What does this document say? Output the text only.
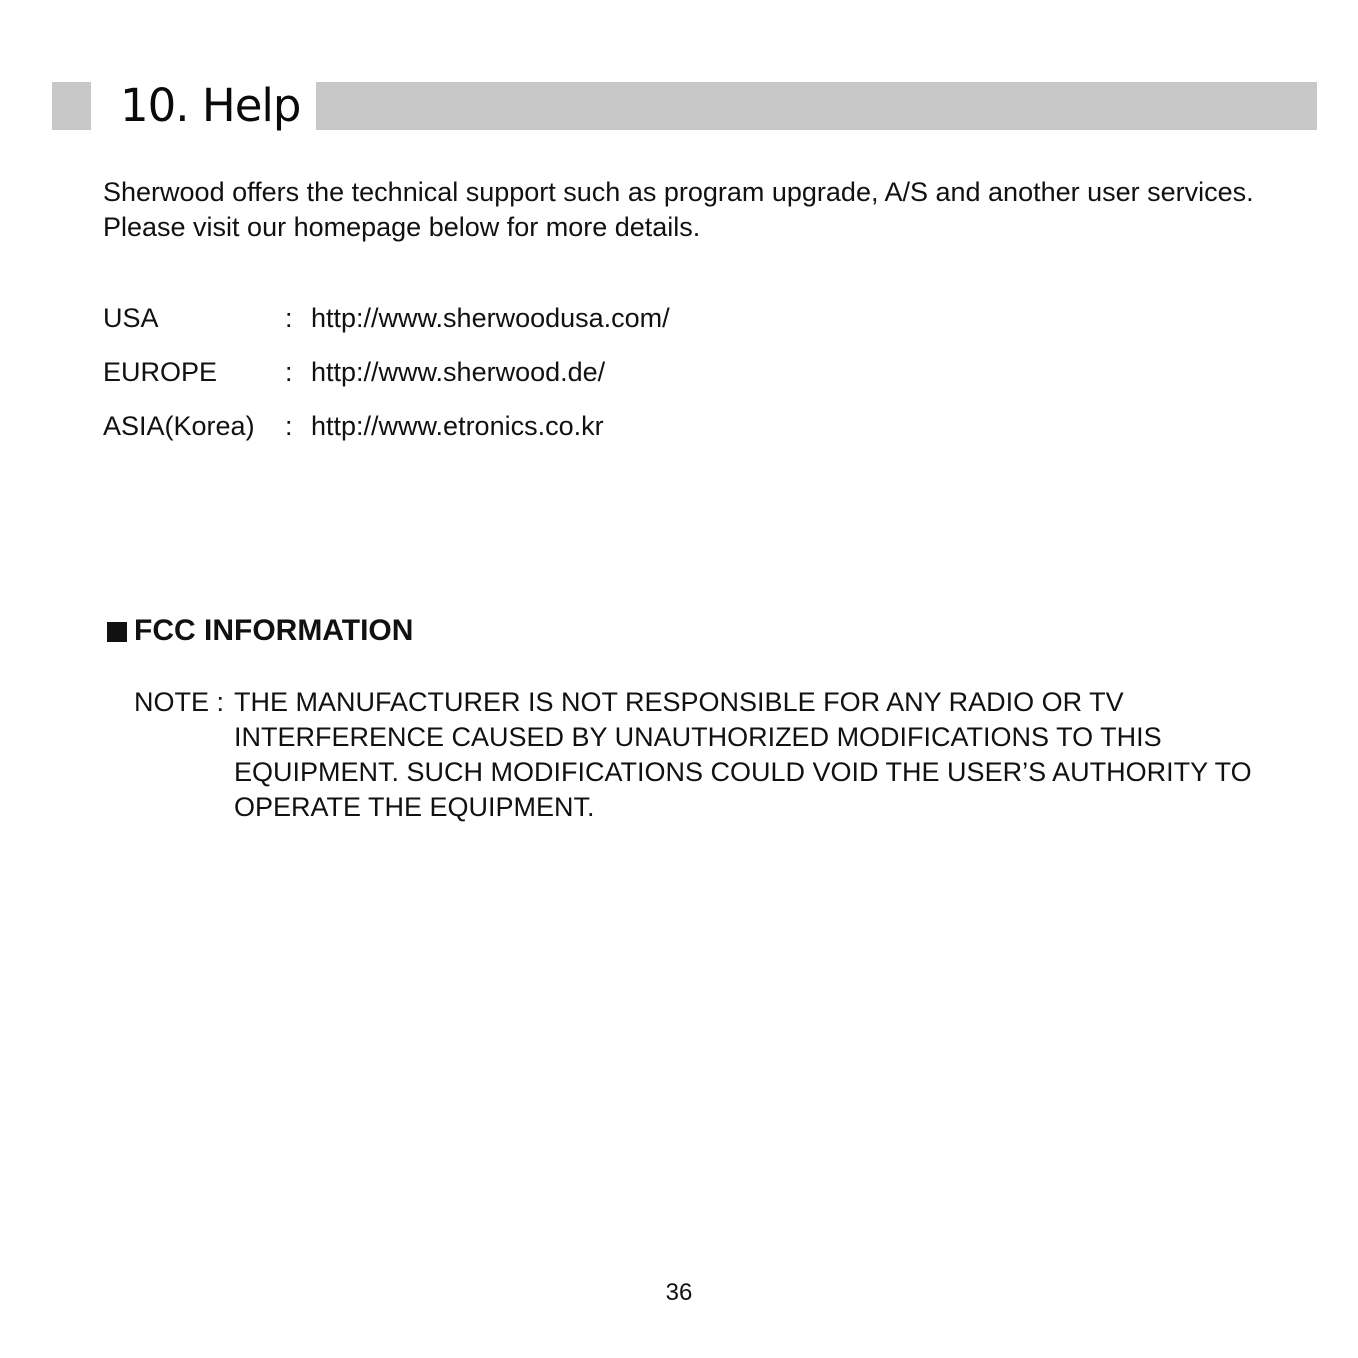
10. Help

Sherwood offers the technical support such as program upgrade, A/S and another user services. Please visit our homepage below for more details.

USA	: http://www.sherwoodusa.com/
EUROPE	: http://www.sherwood.de/
ASIA(Korea)	: http://www.etronics.co.kr
FCC INFORMATION
NOTE : THE MANUFACTURER IS NOT RESPONSIBLE FOR ANY RADIO OR TV INTERFERENCE CAUSED BY UNAUTHORIZED MODIFICATIONS TO THIS EQUIPMENT. SUCH MODIFICATIONS COULD VOID THE USER’S AUTHORITY TO OPERATE THE EQUIPMENT.
36
